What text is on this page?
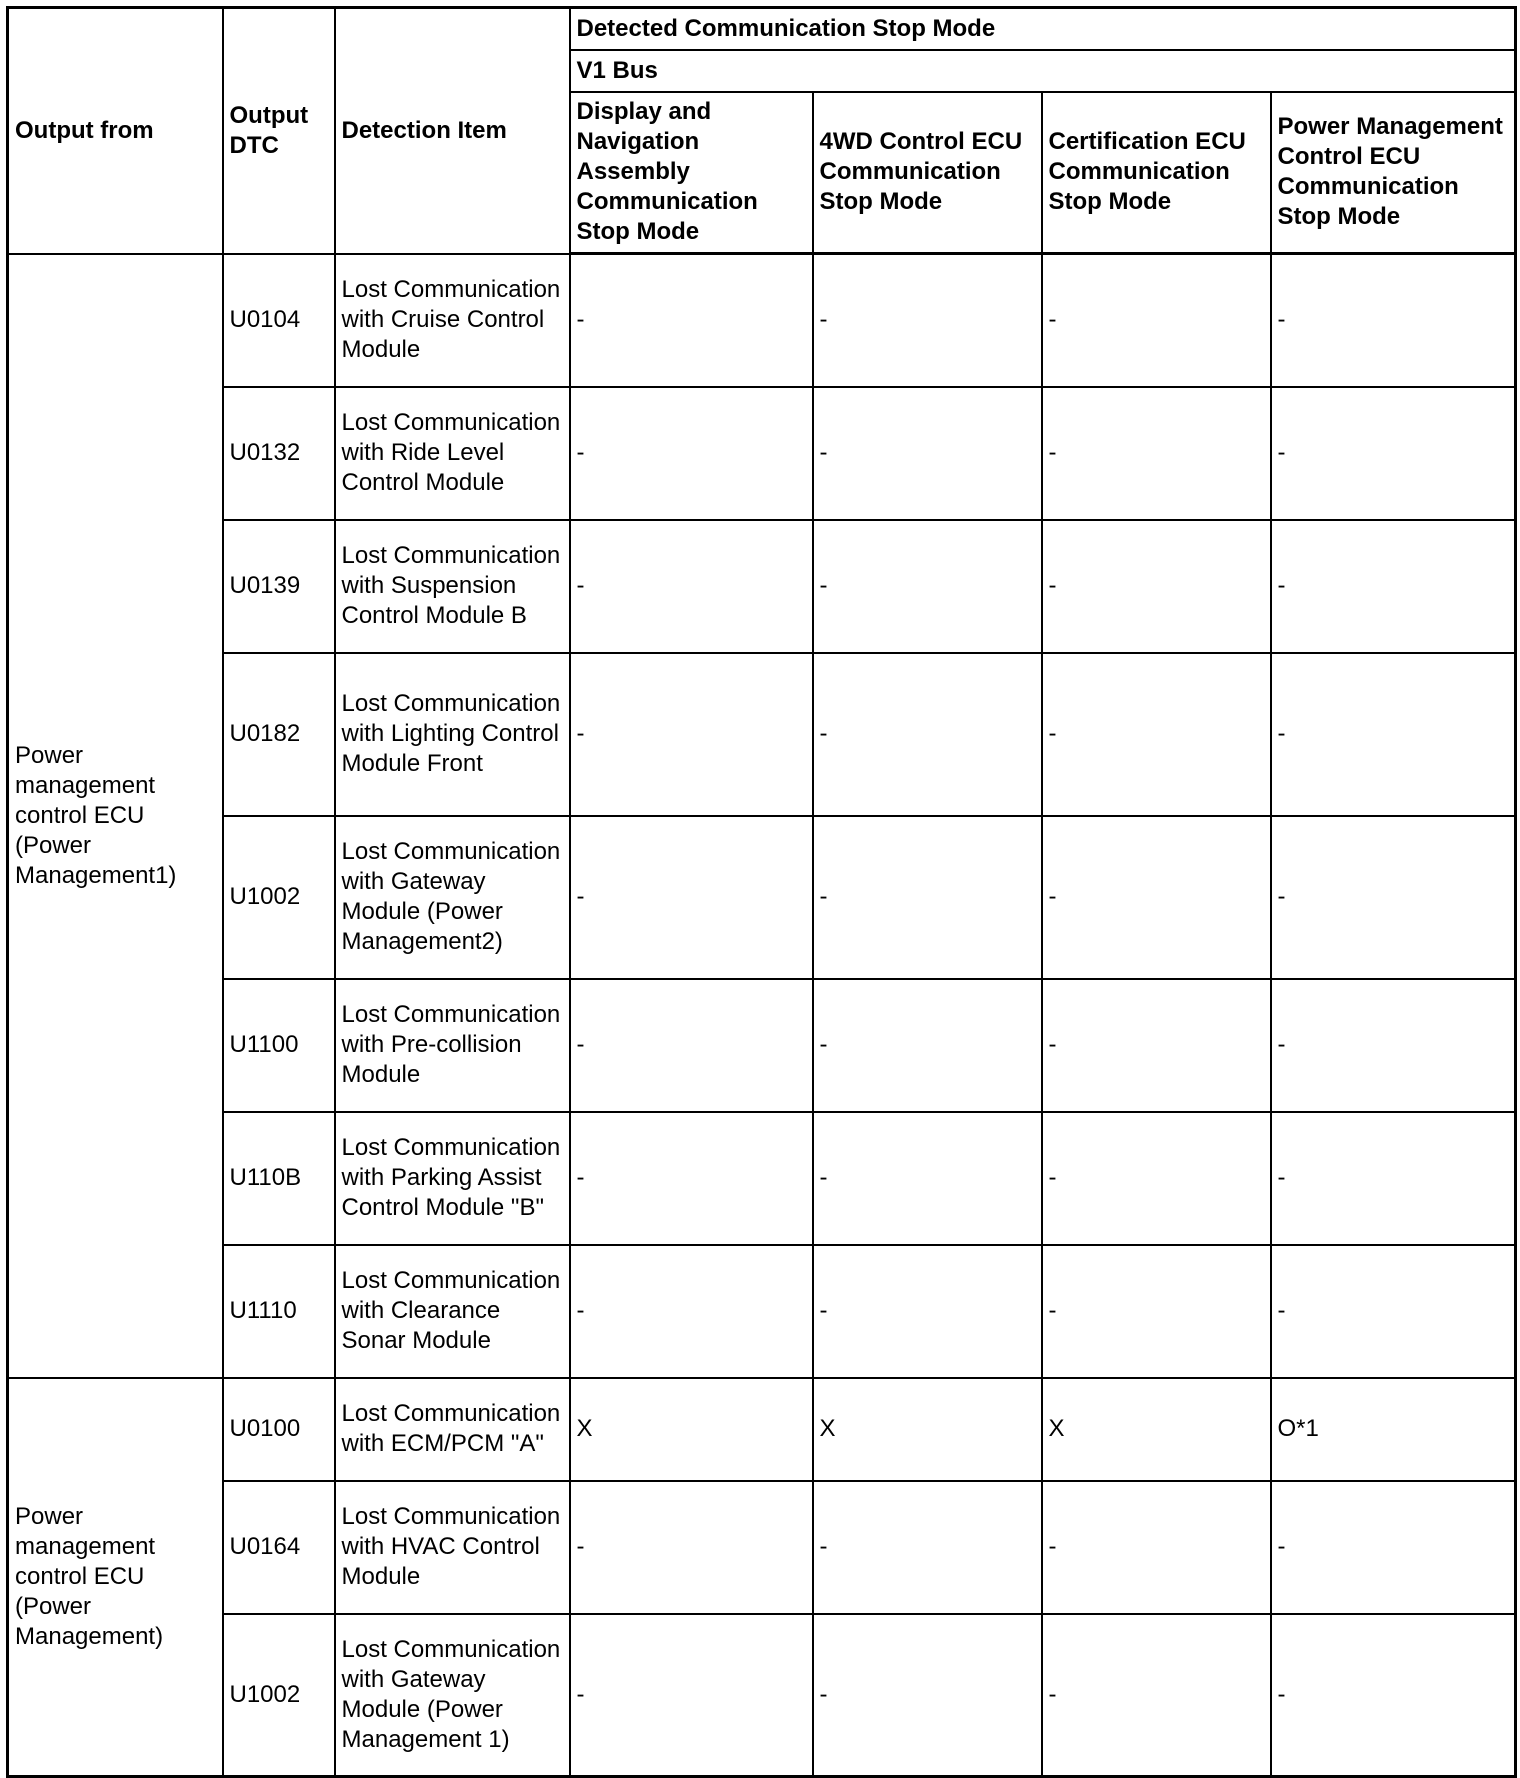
Output from	Output DTC	Detection Item	Detected Communication Stop Mode			
			V1 Bus			
			Display and Navigation Assembly Communication Stop Mode	4WD Control ECU Communication Stop Mode	Certification ECU Communication Stop Mode	Power Management Control ECU Communication Stop Mode
Power management control ECU (Power Management1)	U0104	Lost Communication with Cruise Control Module	-	-	-	-
	U0132	Lost Communication with Ride Level Control Module	-	-	-	-
	U0139	Lost Communication with Suspension Control Module B	-	-	-	-
	U0182	Lost Communication with Lighting Control Module Front	-	-	-	-
	U1002	Lost Communication with Gateway Module (Power Management2)	-	-	-	-
	U1100	Lost Communication with Pre-collision Module	-	-	-	-
	U110B	Lost Communication with Parking Assist Control Module "B"	-	-	-	-
	U1110	Lost Communication with Clearance Sonar Module	-	-	-	-
Power management control ECU (Power Management)	U0100	Lost Communication with ECM/PCM "A"	X	X	X	O*1
	U0164	Lost Communication with HVAC Control Module	-	-	-	-
	U1002	Lost Communication with Gateway Module (Power Management 1)	-	-	-	-
